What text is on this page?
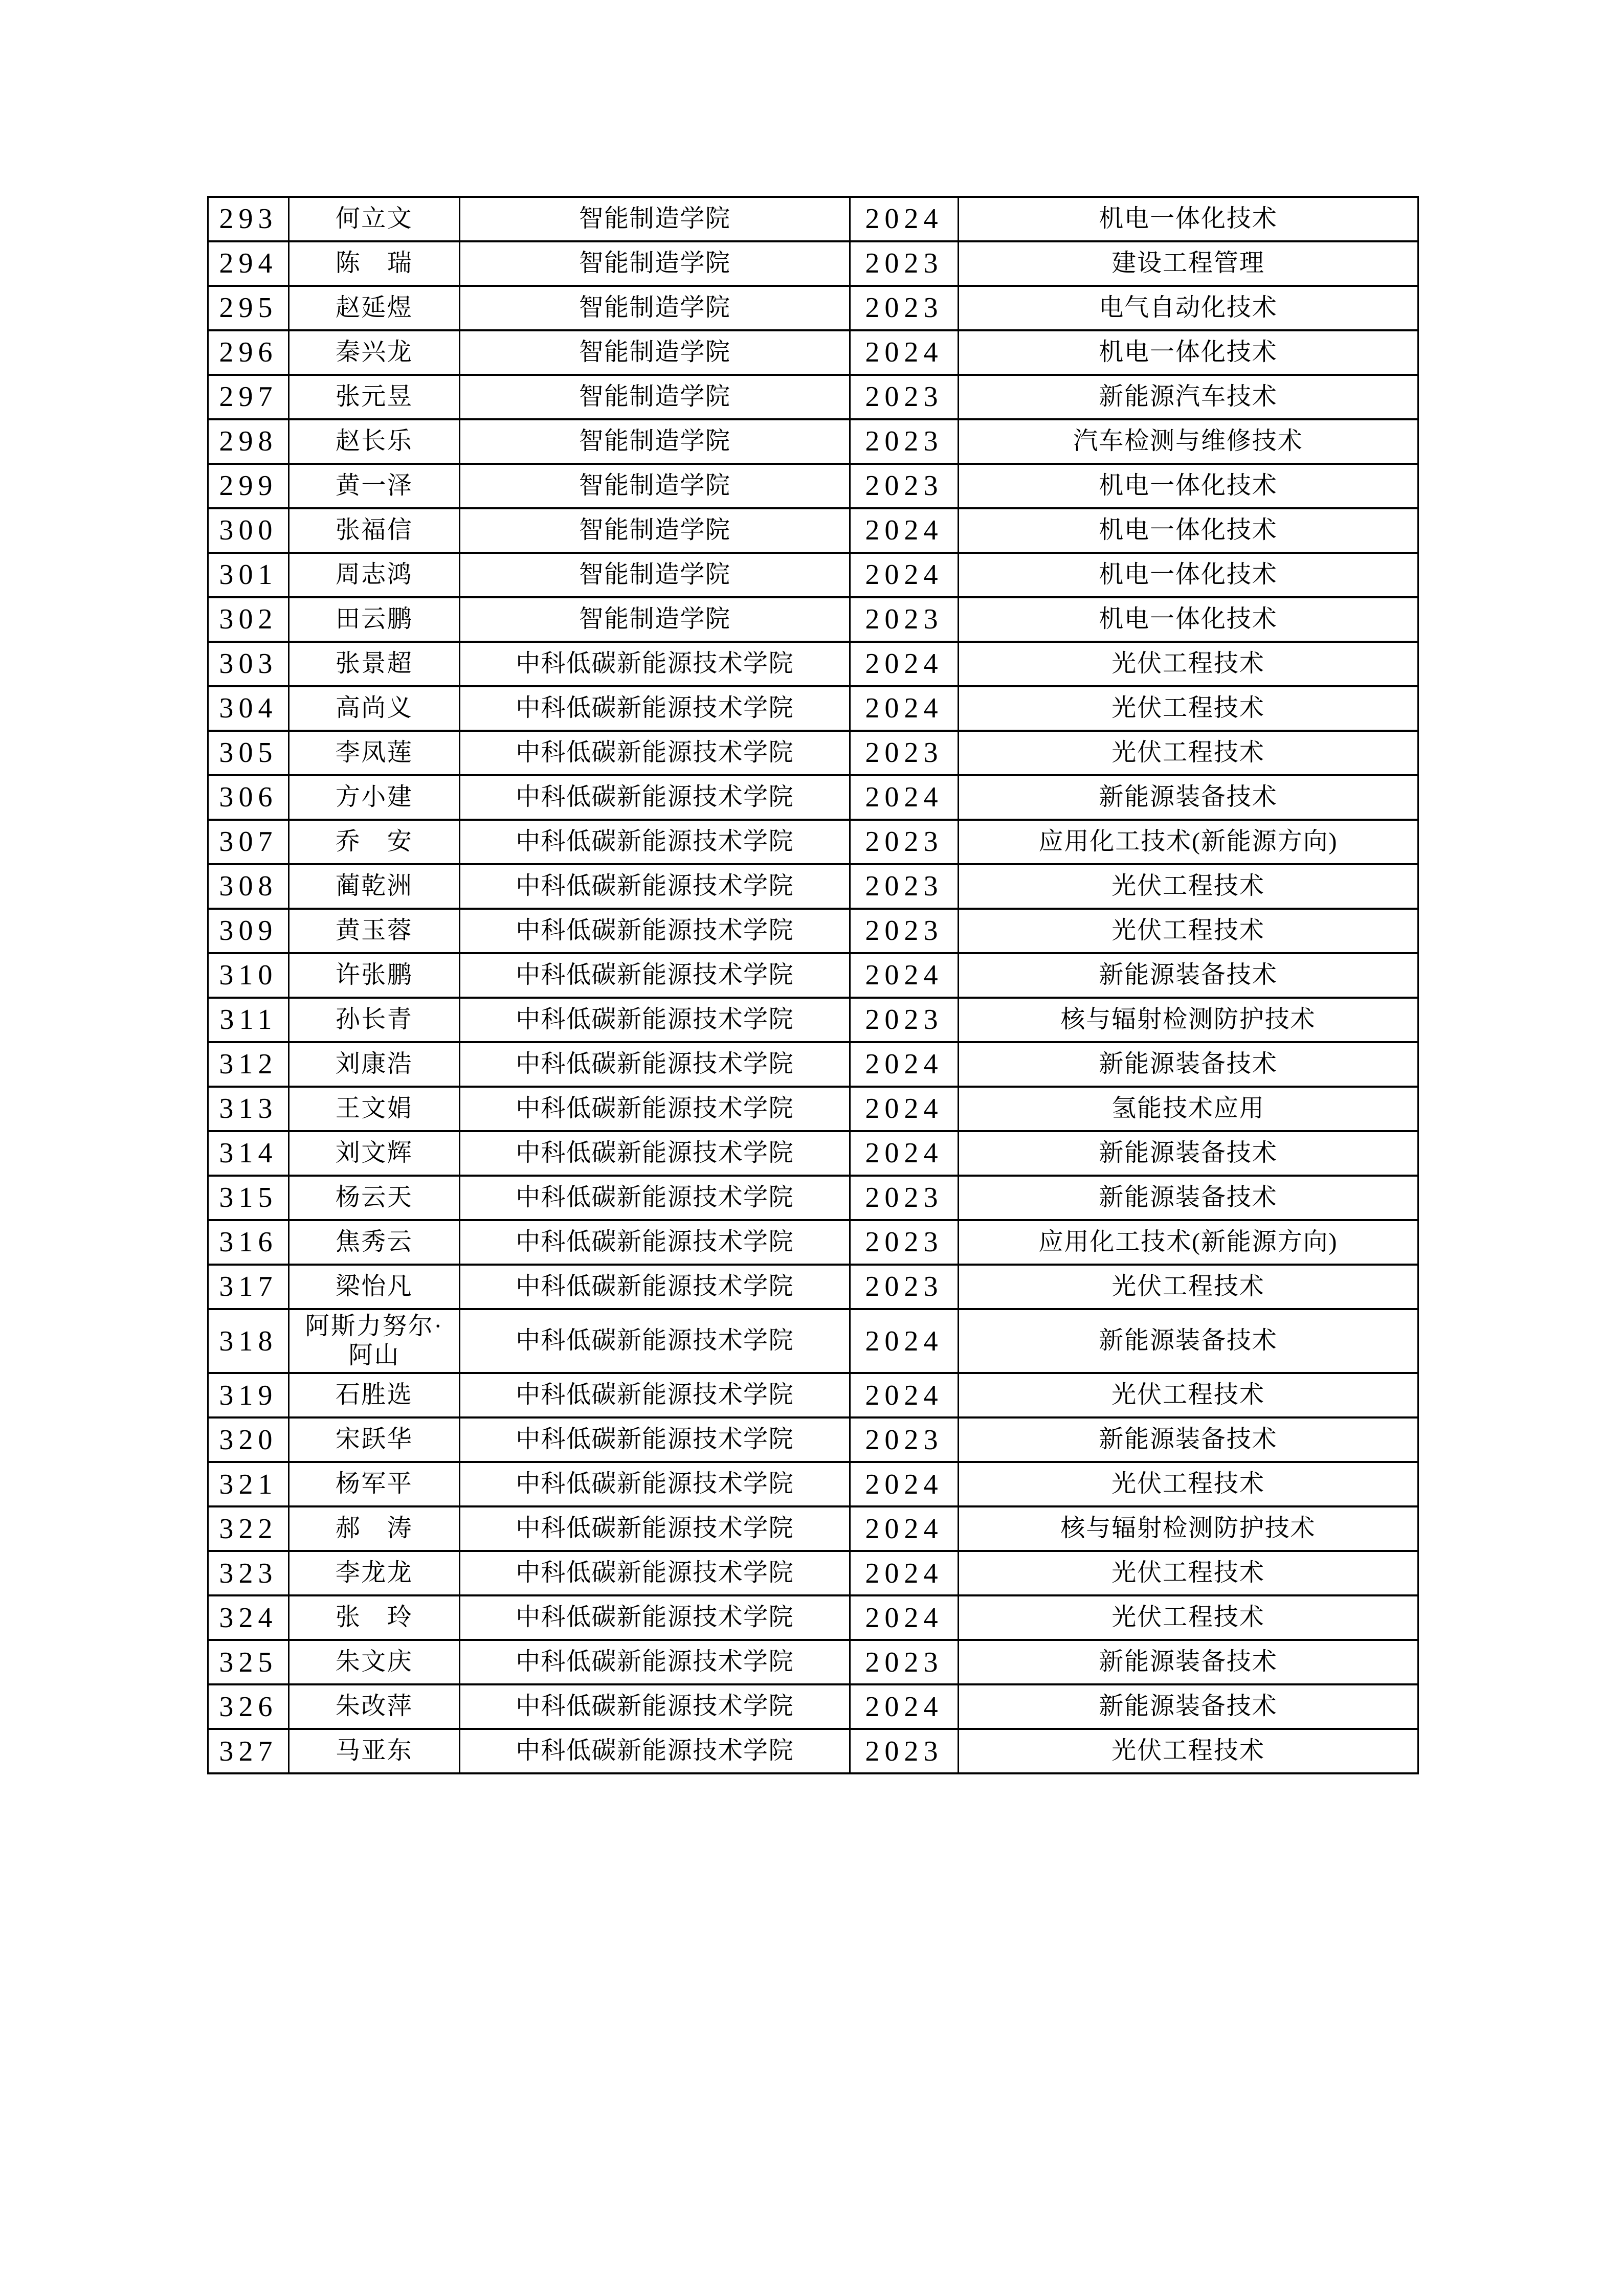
293	何立文	智能制造学院	2024	机电一体化技术
294	陈 瑞	智能制造学院	2023	建设工程管理
295	赵延煜	智能制造学院	2023	电气自动化技术
296	秦兴龙	智能制造学院	2024	机电一体化技术
297	张元昱	智能制造学院	2023	新能源汽车技术
298	赵长乐	智能制造学院	2023	汽车检测与维修技术
299	黄一泽	智能制造学院	2023	机电一体化技术
300	张福信	智能制造学院	2024	机电一体化技术
301	周志鸿	智能制造学院	2024	机电一体化技术
302	田云鹏	智能制造学院	2023	机电一体化技术
303	张景超	中科低碳新能源技术学院	2024	光伏工程技术
304	高尚义	中科低碳新能源技术学院	2024	光伏工程技术
305	李凤莲	中科低碳新能源技术学院	2023	光伏工程技术
306	方小建	中科低碳新能源技术学院	2024	新能源装备技术
307	乔 安	中科低碳新能源技术学院	2023	应用化工技术(新能源方向)
308	蔺乾洲	中科低碳新能源技术学院	2023	光伏工程技术
309	黄玉蓉	中科低碳新能源技术学院	2023	光伏工程技术
310	许张鹏	中科低碳新能源技术学院	2024	新能源装备技术
311	孙长青	中科低碳新能源技术学院	2023	核与辐射检测防护技术
312	刘康浩	中科低碳新能源技术学院	2024	新能源装备技术
313	王文娟	中科低碳新能源技术学院	2024	氢能技术应用
314	刘文辉	中科低碳新能源技术学院	2024	新能源装备技术
315	杨云天	中科低碳新能源技术学院	2023	新能源装备技术
316	焦秀云	中科低碳新能源技术学院	2023	应用化工技术(新能源方向)
317	梁怡凡	中科低碳新能源技术学院	2023	光伏工程技术
318	阿斯力努尔·阿山	中科低碳新能源技术学院	2024	新能源装备技术
319	石胜选	中科低碳新能源技术学院	2024	光伏工程技术
320	宋跃华	中科低碳新能源技术学院	2023	新能源装备技术
321	杨军平	中科低碳新能源技术学院	2024	光伏工程技术
322	郝 涛	中科低碳新能源技术学院	2024	核与辐射检测防护技术
323	李龙龙	中科低碳新能源技术学院	2024	光伏工程技术
324	张 玲	中科低碳新能源技术学院	2024	光伏工程技术
325	朱文庆	中科低碳新能源技术学院	2023	新能源装备技术
326	朱改萍	中科低碳新能源技术学院	2024	新能源装备技术
327	马亚东	中科低碳新能源技术学院	2023	光伏工程技术
